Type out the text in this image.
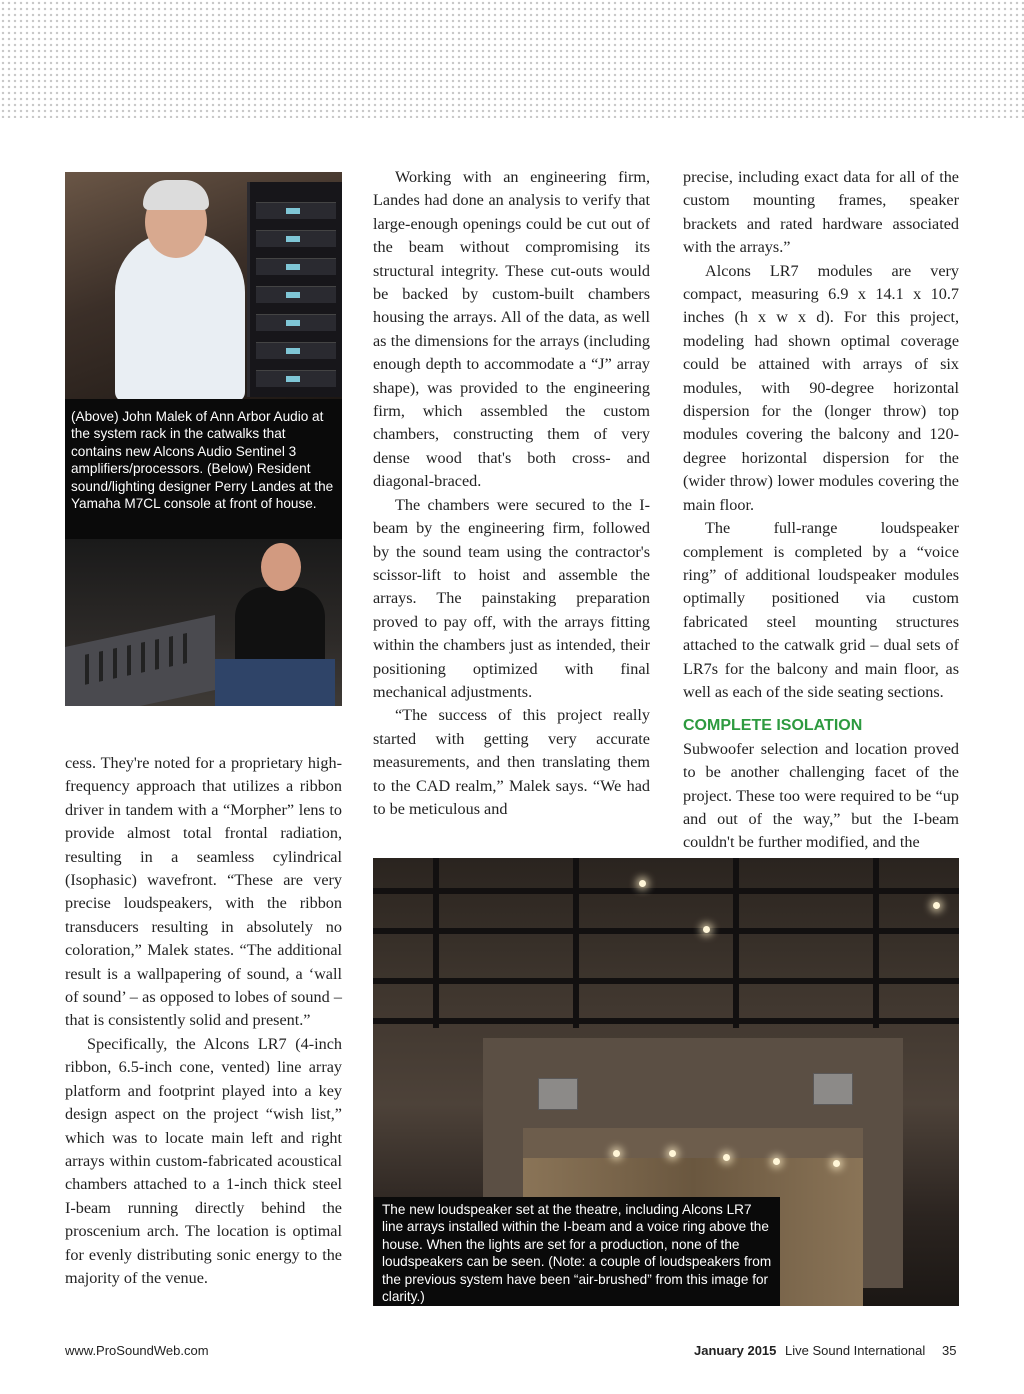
(Above) John Malek of Ann Arbor Audio at the system rack in the catwalks that contains new Alcons Audio Sentinel 3 amplifiers/processors. (Below) Resident sound/lighting designer Perry Landes at the Yamaha M7CL console at front of house.

cess. They're noted for a proprietary high-frequency approach that utilizes a ribbon driver in tandem with a “Morpher” lens to provide almost total frontal radiation, resulting in a seamless cylindrical (Isophasic) wavefront. “These are very precise loudspeakers, with the ribbon transducers resulting in absolutely no coloration,” Malek states. “The additional result is a wallpapering of sound, a ‘wall of sound’ – as opposed to lobes of sound – that is consistently solid and present.”

Specifically, the Alcons LR7 (4-inch ribbon, 6.5-inch cone, vented) line array platform and footprint played into a key design aspect on the project “wish list,” which was to locate main left and right arrays within custom-fabricated acoustical chambers attached to a 1-inch thick steel I-beam running directly behind the proscenium arch. The location is optimal for evenly distributing sonic energy to the majority of the venue.

Working with an engineering firm, Landes had done an analysis to verify that large-enough openings could be cut out of the beam without compromising its structural integrity. These cut-outs would be backed by custom-built chambers housing the arrays. All of the data, as well as the dimensions for the arrays (including enough depth to accommodate a “J” array shape), was provided to the engineering firm, which assembled the custom chambers, constructing them of very dense wood that's both cross- and diagonal-braced.

The chambers were secured to the I-beam by the engineering firm, followed by the sound team using the contractor's scissor-lift to hoist and assemble the arrays. The painstaking preparation proved to pay off, with the arrays fitting within the chambers just as intended, their positioning optimized with final mechanical adjustments.

“The success of this project really started with getting very accurate measurements, and then translating them to the CAD realm,” Malek says. “We had to be meticulous and

precise, including exact data for all of the custom mounting frames, speaker brackets and rated hardware associated with the arrays.”

Alcons LR7 modules are very compact, measuring 6.9 x 14.1 x 10.7 inches (h x w x d). For this project, modeling had shown optimal coverage could be attained with arrays of six modules, with 90-degree horizontal dispersion for the (longer throw) top modules covering the balcony and 120-degree horizontal dispersion for the (wider throw) lower modules covering the main floor.

The full-range loudspeaker complement is completed by a “voice ring” of additional loudspeaker modules optimally positioned via custom fabricated steel mounting structures attached to the catwalk grid – dual sets of LR7s for the balcony and main floor, as well as each of the side seating sections.

COMPLETE ISOLATION

Subwoofer selection and location proved to be another challenging facet of the project. These too were required to be “up and out of the way,” but the I-beam couldn't be further modified, and the

The new loudspeaker set at the theatre, including Alcons LR7 line arrays installed within the I-beam and a voice ring above the house. When the lights are set for a production, none of the loudspeakers can be seen. (Note: a couple of loudspeakers from the previous system have been “air-brushed” from this image for clarity.)
www.ProSoundWeb.com	January 2015 Live Sound International 35
